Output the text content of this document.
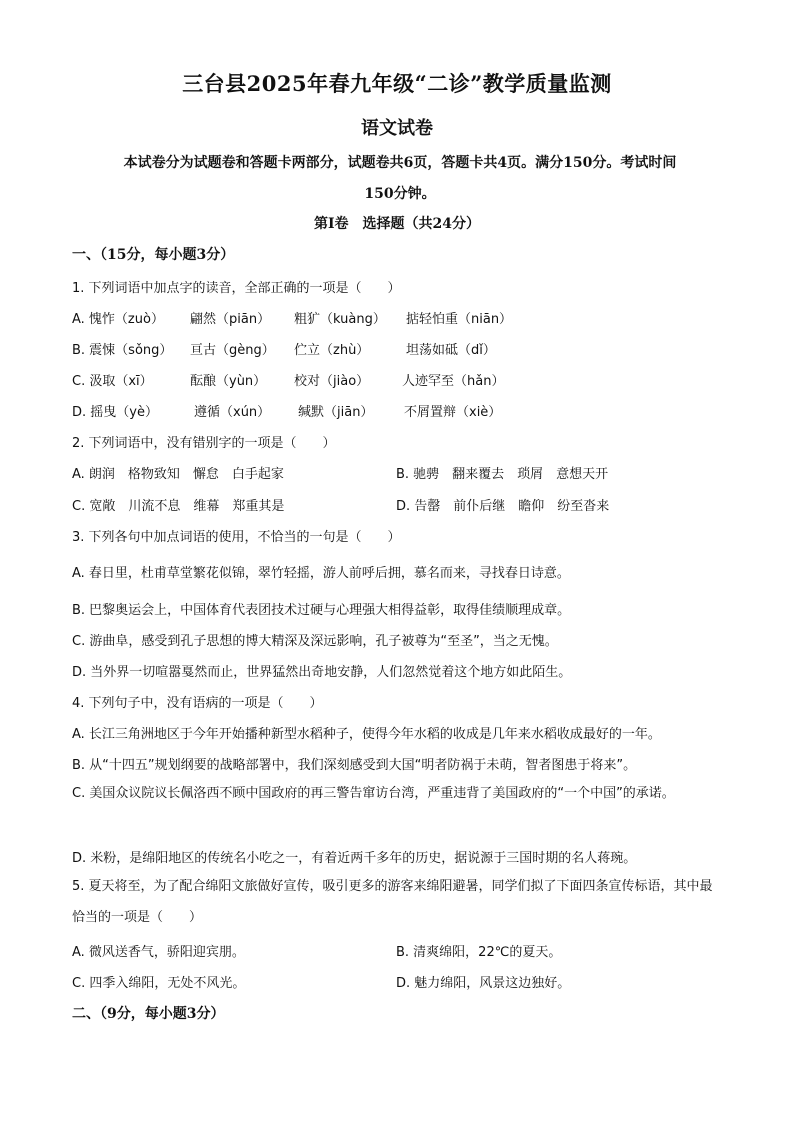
三台县2025年春九年级“二诊”教学质量监测
语文试卷
本试卷分为试题卷和答题卡两部分，试题卷共6页，答题卡共4页。满分150分。考试时间
150分钟。
第Ⅰ卷　选择题（共24分）
一、（15分，每小题3分）
1. 下列词语中加点字的读音，全部正确的一项是（　　）
A. 愧怍（zuò） 翩然（piān） 粗犷（kuàng） 掂轻怕重（niān）
B. 震悚（sǒng） 亘古（gèng） 伫立（zhù）	坦荡如砥（dǐ）
C. 汲取（xī）	酝酿（yùn） 校对（jiào）	人迹罕至（hǎn）
D. 摇曳（yè）	遵循（xún） 缄默（jiān） 不屑置辩（xiè）
2. 下列词语中，没有错别字的一项是（　　）
A. 朗润　格物致知　懈怠　白手起家	B. 驰骋　翻来覆去　琐屑　意想天开
C. 宽敞　川流不息　维幕　郑重其是	D. 告罄　前仆后继　瞻仰　纷至沓来
3. 下列各句中加点词语的使用，不恰当的一句是（　　）
A. 春日里，杜甫草堂繁花似锦，翠竹轻摇，游人前呼后拥，慕名而来，寻找春日诗意。
B. 巴黎奥运会上，中国体育代表团技术过硬与心理强大相得益彰，取得佳绩顺理成章。
C. 游曲阜，感受到孔子思想的博大精深及深远影响，孔子被尊为“至圣”，当之无愧。
D. 当外界一切喧嚣戛然而止，世界猛然出奇地安静，人们忽然觉着这个地方如此陌生。
4. 下列句子中，没有语病的一项是（　　）
A. 长江三角洲地区于今年开始播种新型水稻种子，使得今年水稻的收成是几年来水稻收成最好的一年。
B. 从“十四五”规划纲要的战略部署中，我们深刻感受到大国“明者防祸于未萌，智者图患于将来”。
C. 美国众议院议长佩洛西不顾中国政府的再三警告窜访台湾，严重违背了美国政府的“一个中国”的承诺。
D. 米粉，是绵阳地区的传统名小吃之一，有着近两千多年的历史，据说源于三国时期的名人蒋琬。
5. 夏天将至，为了配合绵阳文旅做好宣传，吸引更多的游客来绵阳避暑，同学们拟了下面四条宣传标语，其中最恰当的一项是（　　）
A. 微风送香气，骄阳迎宾朋。	B. 清爽绵阳，22℃的夏天。
C. 四季入绵阳，无处不风光。	D. 魅力绵阳，风景这边独好。
二、（9分，每小题3分）
